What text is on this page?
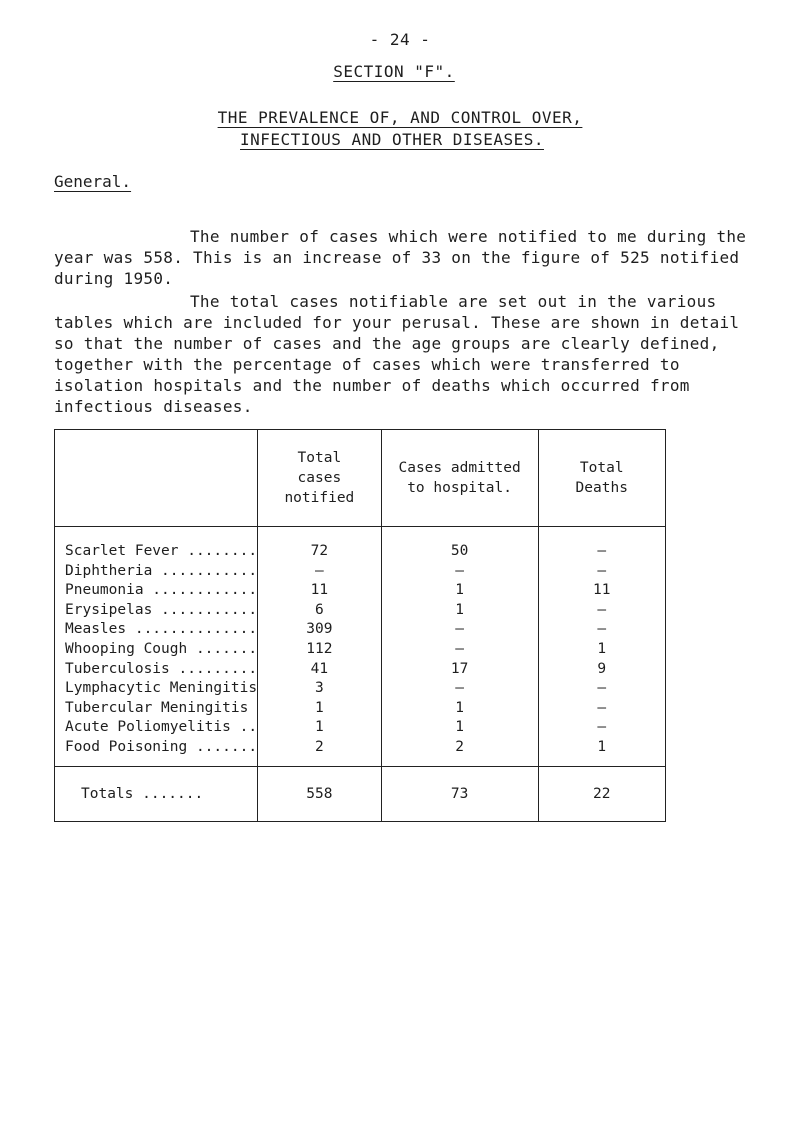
- 24 -
SECTION "F".
THE PREVALENCE OF, AND CONTROL OVER,
INFECTIOUS AND OTHER DISEASES.
General.

The number of cases which were notified to me during the year was 558. This is an increase of 33 on the figure of 525 notified during 1950.

The total cases notifiable are set out in the various tables which are included for your perusal. These are shown in detail so that the number of cases and the age groups are clearly defined, together with the percentage of cases which were transferred to isolation hospitals and the number of deaths which occurred from infectious diseases.

	Total cases notified	Cases admitted to hospital.	Total Deaths
Scarlet Fever ........	72	50	–
Diphtheria ...........	–	–	–
Pneumonia ............	11	1	11
Erysipelas ...........	6	1	–
Measles ..............	309	–	–
Whooping Cough .......	112	–	1
Tuberculosis .........	41	17	9
Lymphacytic Meningitis	3	–	–
Tubercular Meningitis	1	1	–
Acute Poliomyelitis ..	1	1	–
Food Poisoning .......	2	2	1
Totals .......	558	73	22
